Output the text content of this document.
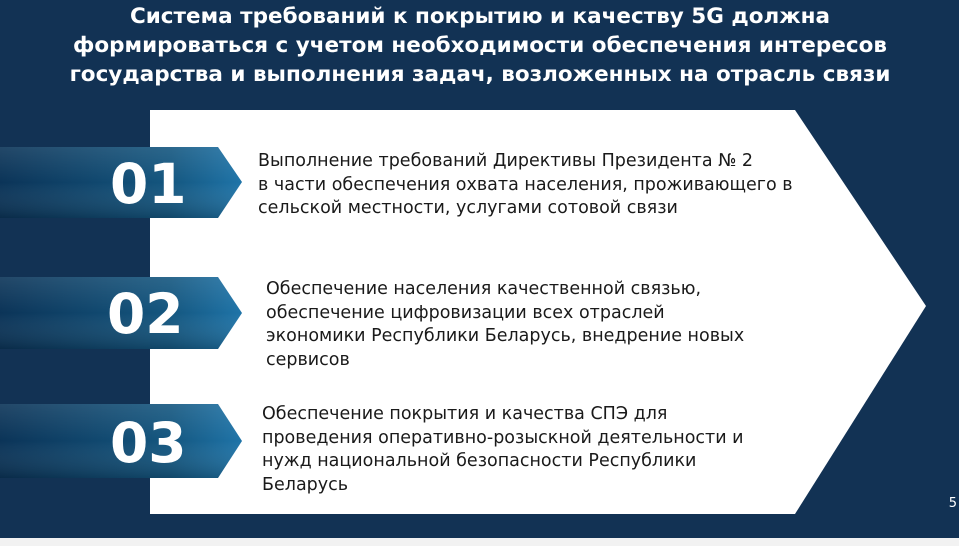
Система требований к покрытию и качеству 5G должна
формироваться с учетом необходимости обеспечения интересов
государства и выполнения задач, возложенных на отрасль связи
01
02
03
Выполнение требований Директивы Президента № 2
в части обеспечения охвата населения, проживающего в
сельской местности, услугами сотовой связи
Обеспечение населения качественной связью,
обеспечение цифровизации всех отраслей
экономики Республики Беларусь, внедрение новых
сервисов
Обеспечение покрытия и качества СПЭ для
проведения оперативно-розыскной деятельности и
нужд национальной безопасности Республики
Беларусь
5
